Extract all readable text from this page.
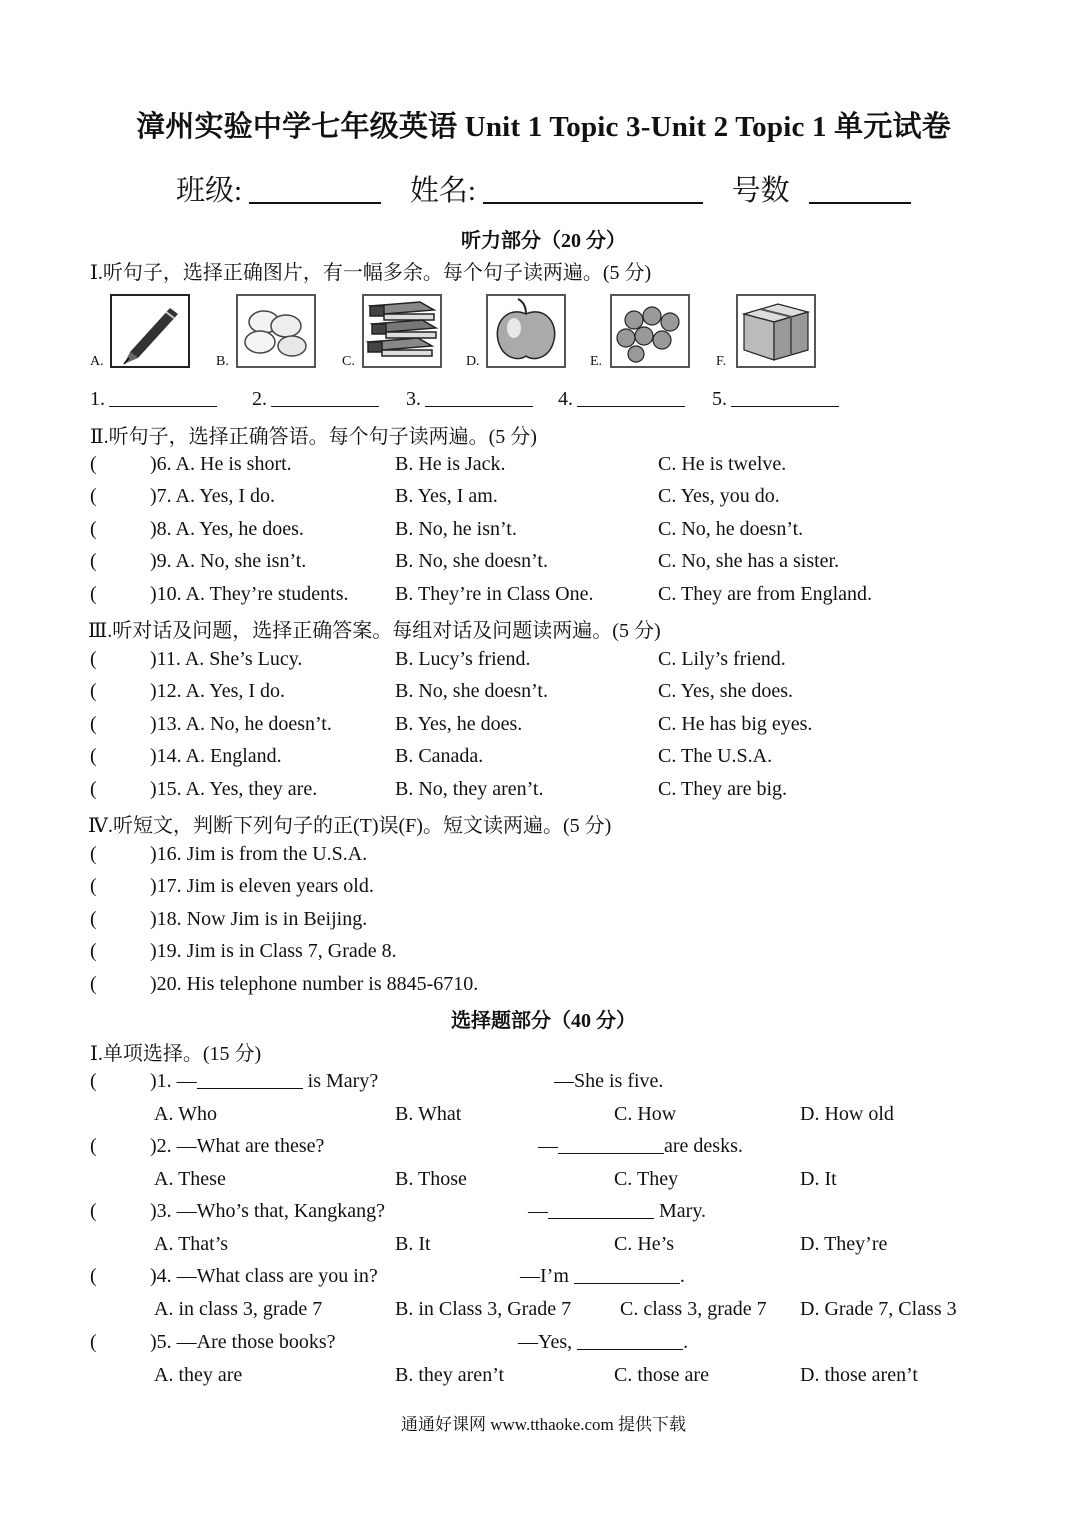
漳州实验中学七年级英语 Unit 1 Topic 3-Unit 2 Topic 1 单元试卷
班级:	姓名:	号数
听力部分（20 分）
Ⅰ.听句子，选择正确图片，有一幅多余。每个句子读两遍。(5 分)
A.	B.	C.	D.	E.	F.
1.	2.	3.	4.	5.
Ⅱ.听句子，选择正确答语。每个句子读两遍。(5 分)
(	)6. A. He is short.	B. He is Jack.	C. He is twelve.
(	)7. A. Yes, I do.	B. Yes, I am.	C. Yes, you do.
(	)8. A. Yes, he does.	B. No, he isn’t.	C. No, he doesn’t.
(	)9. A. No, she isn’t.	B. No, she doesn’t.	C. No, she has a sister.
(	)10. A. They’re students. B. They’re in Class One.	C. They are from England.
Ⅲ.听对话及问题，选择正确答案。每组对话及问题读两遍。(5 分)
(	)11. A. She’s Lucy.	B. Lucy’s friend.	C. Lily’s friend.
(	)12. A. Yes, I do.	B. No, she doesn’t.	C. Yes, she does.
(	)13. A. No, he doesn’t.	B. Yes, he does.	C. He has big eyes.
(	)14. A. England.	B. Canada.	C. The U.S.A.
(	)15. A. Yes, they are.	B. No, they aren’t.	C. They are big.
Ⅳ.听短文，判断下列句子的正(T)误(F)。短文读两遍。(5 分)
(	)16. Jim is from the U.S.A.
(	)17. Jim is eleven years old.
(	)18. Now Jim is in Beijing.
(	)19. Jim is in Class 7, Grade 8.
(	)20. His telephone number is 8845-6710.
选择题部分（40 分）
Ⅰ.单项选择。(15 分)
(	)1. —	is Mary?	—She is five.
A. Who	B. What	C. How	D. How old
(	)2. —What are these?	—	are desks.
A. These	B. Those	C. They	D. It
(	)3. —Who’s that, Kangkang?	—	Mary.
A. That’s	B. It	C. He’s	D. They’re
(	)4. —What class are you in?	—I’m	.
A. in class 3, grade 7	B. in Class 3, Grade 7 C. class 3, grade 7 D. Grade 7, Class 3
(	)5. —Are those books?	—Yes,	.
A. they are	B. they aren’t	C. those are	D. those aren’t
通通好课网 www.tthaoke.com 提供下载
